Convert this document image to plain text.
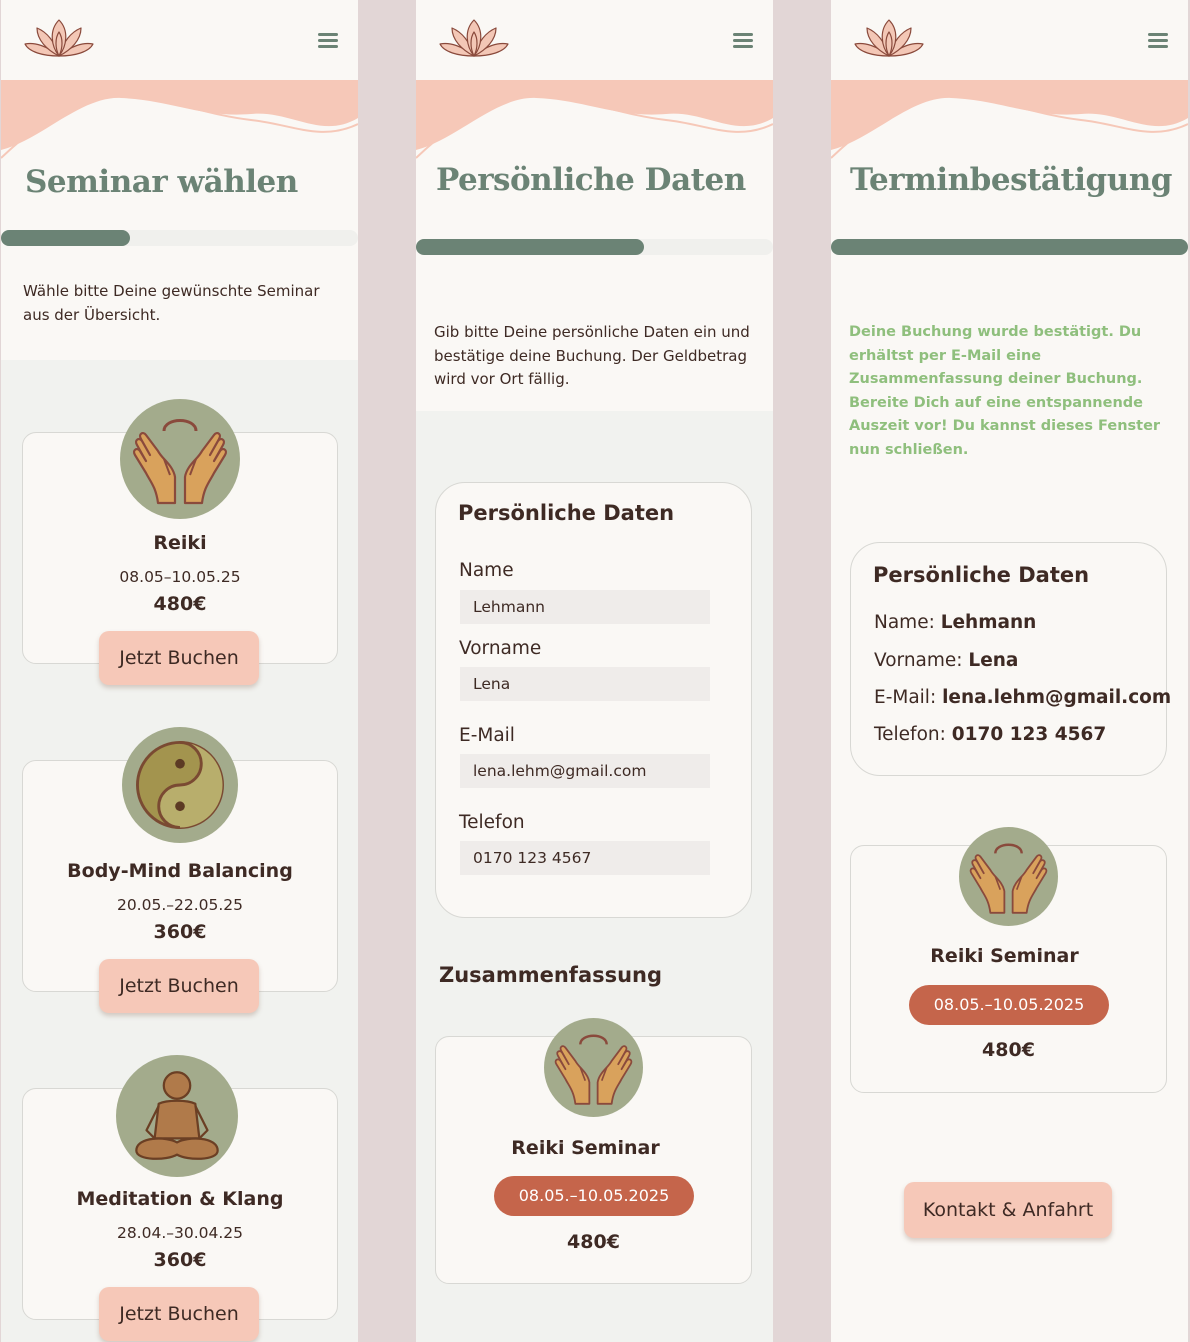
Seminar wählen

Wähle bitte Deine gewünschte Seminar aus der Übersicht.

Reiki

08.05–10.05.25

480€

Jetzt Buchen

Body-Mind Balancing

20.05.–22.05.25

360€

Jetzt Buchen

Meditation & Klang

28.04.–30.04.25

360€

Jetzt Buchen
Persönliche Daten

Gib bitte Deine persönliche Daten ein und bestätige deine Buchung. Der Geldbetrag wird vor Ort fällig.

Persönliche Daten

Name
Lehmann
Vorname
Lena
E-Mail
lena.lehm@gmail.com
Telefon
0170 123 4567

Zusammenfassung

Reiki Seminar

08.05.–10.05.2025

480€

Terminbestätigung

Deine Buchung wurde bestätigt. Du erhältst per E-Mail eine Zusammenfassung deiner Buchung. Bereite Dich auf eine entspannende Auszeit vor! Du kannst dieses Fenster nun schließen.

Persönliche Daten

Name: Lehmann
Vorname: Lena
E-Mail: lena.lehm@gmail.com
Telefon: 0170 123 4567

Reiki Seminar

08.05.–10.05.2025

480€

Kontakt & Anfahrt
